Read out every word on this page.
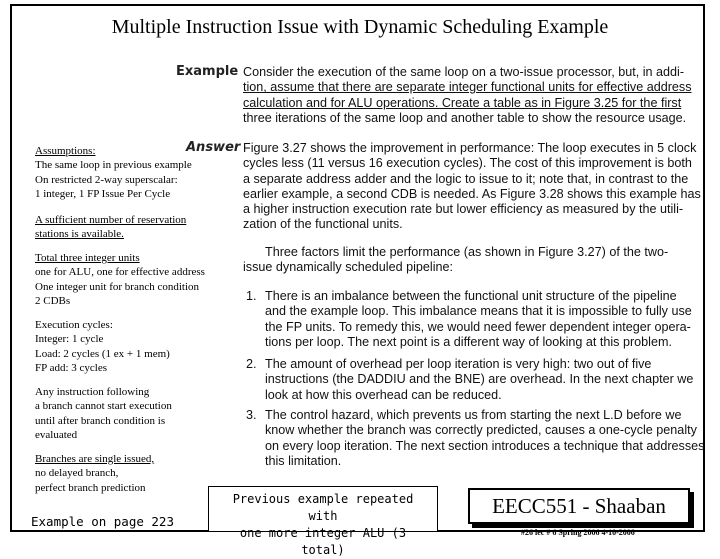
Multiple Instruction Issue with Dynamic Scheduling Example
Example Consider the execution of the same loop on a two-issue processor, but, in addi-
tion, assume that there are separate integer functional units for effective address
calculation and for ALU operations. Create a table as in Figure 3.25 for the first
three iterations of the same loop and another table to show the resource usage.
Answer Figure 3.27 shows the improvement in performance: The loop executes in 5 clock
cycles less (11 versus 16 execution cycles). The cost of this improvement is both
a separate address adder and the logic to issue to it; note that, in contrast to the
earlier example, a second CDB is needed. As Figure 3.28 shows this example has
a higher instruction execution rate but lower efficiency as measured by the utili-
zation of the functional units.
Three factors limit the performance (as shown in Figure 3.27) of the two-
issue dynamically scheduled pipeline:
1. There is an imbalance between the functional unit structure of the pipeline
and the example loop. This imbalance means that it is impossible to fully use
the FP units. To remedy this, we would need fewer dependent integer opera-
tions per loop. The next point is a different way of looking at this problem.
2. The amount of overhead per loop iteration is very high: two out of five
instructions (the DADDIU and the BNE) are overhead. In the next chapter we
look at how this overhead can be reduced.
3. The control hazard, which prevents us from starting the next L.D before we
know whether the branch was correctly predicted, causes a one-cycle penalty
on every loop iteration. The next section introduces a technique that addresses
this limitation.
Assumptions:
The same loop in previous example
On restricted 2-way superscalar:
1 integer, 1 FP Issue Per Cycle
A sufficient number of reservation
stations is available.
Total three integer units
one for ALU, one for effective address
One integer unit for branch condition
2 CDBs
Execution cycles:
Integer: 1 cycle
Load: 2 cycles (1 ex + 1 mem)
FP add: 3 cycles
Any instruction following
a branch cannot start execution
until after branch condition is
evaluated
Branches are single issued,
no delayed branch,
perfect branch prediction
Example on page 223
Previous example repeated with
one more integer ALU (3 total)
EECC551 - Shaaban
#26 lec # 6 Spring 2006 4-10-2006
